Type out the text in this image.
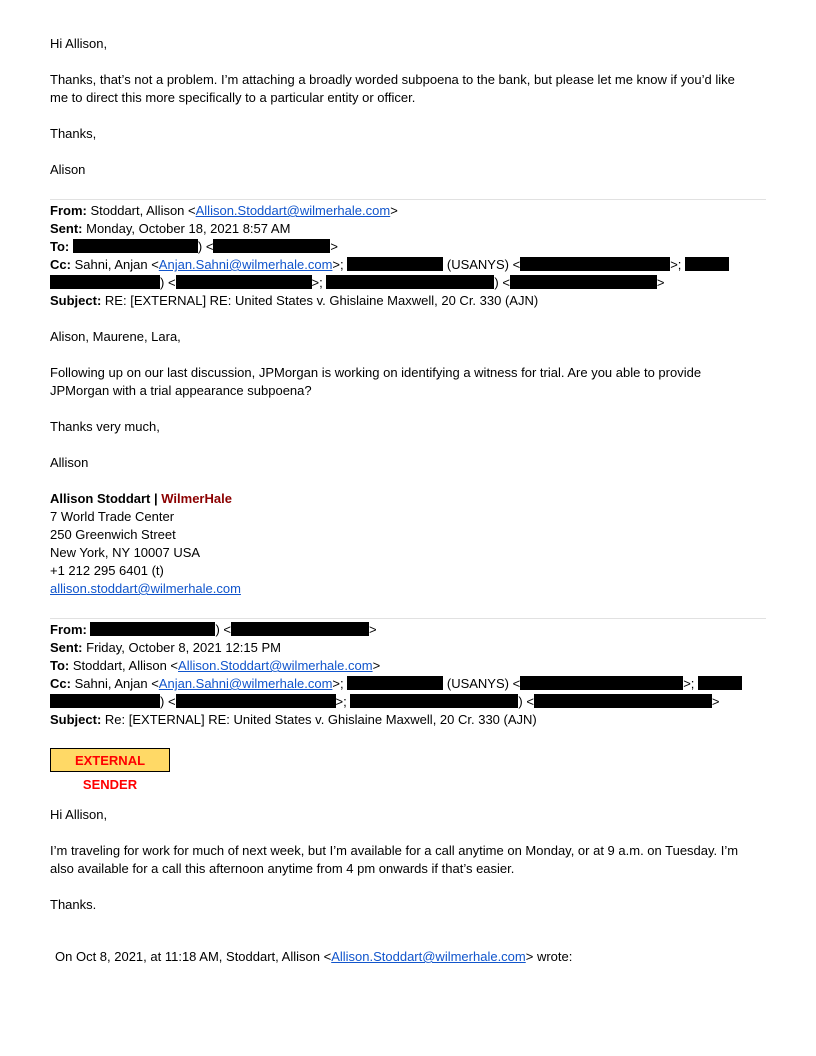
Hi Allison,
Thanks, that’s not a problem. I’m attaching a broadly worded subpoena to the bank, but please let me know if you’d like
me to direct this more specifically to a particular entity or officer.
Thanks,
Alison
From: Stoddart, Allison <Allison.Stoddart@wilmerhale.com>
Sent: Monday, October 18, 2021 8:57 AM
To:	) <	>
Cc: Sahni, Anjan <Anjan.Sahni@wilmerhale.com>;	(USANYS) <	>;
) <	>;	) <	>
Subject: RE: [EXTERNAL] RE: United States v. Ghislaine Maxwell, 20 Cr. 330 (AJN)
Alison, Maurene, Lara,
Following up on our last discussion, JPMorgan is working on identifying a witness for trial. Are you able to provide
JPMorgan with a trial appearance subpoena?
Thanks very much,
Allison
Allison Stoddart | WilmerHale
7 World Trade Center
250 Greenwich Street
New York, NY 10007 USA
+1 212 295 6401 (t)
allison.stoddart@wilmerhale.com
From:	) <	>
Sent: Friday, October 8, 2021 12:15 PM
To: Stoddart, Allison <Allison.Stoddart@wilmerhale.com>
Cc: Sahni, Anjan <Anjan.Sahni@wilmerhale.com>;	(USANYS) <	>;
) <	>;	) <	>
Subject: Re: [EXTERNAL] RE: United States v. Ghislaine Maxwell, 20 Cr. 330 (AJN)
EXTERNAL SENDER
Hi Allison,
I’m traveling for work for much of next week, but I’m available for a call anytime on Monday, or at 9 a.m. on Tuesday. I’m
also available for a call this afternoon anytime from 4 pm onwards if that’s easier.
Thanks.
On Oct 8, 2021, at 11:18 AM, Stoddart, Allison <Allison.Stoddart@wilmerhale.com> wrote:
